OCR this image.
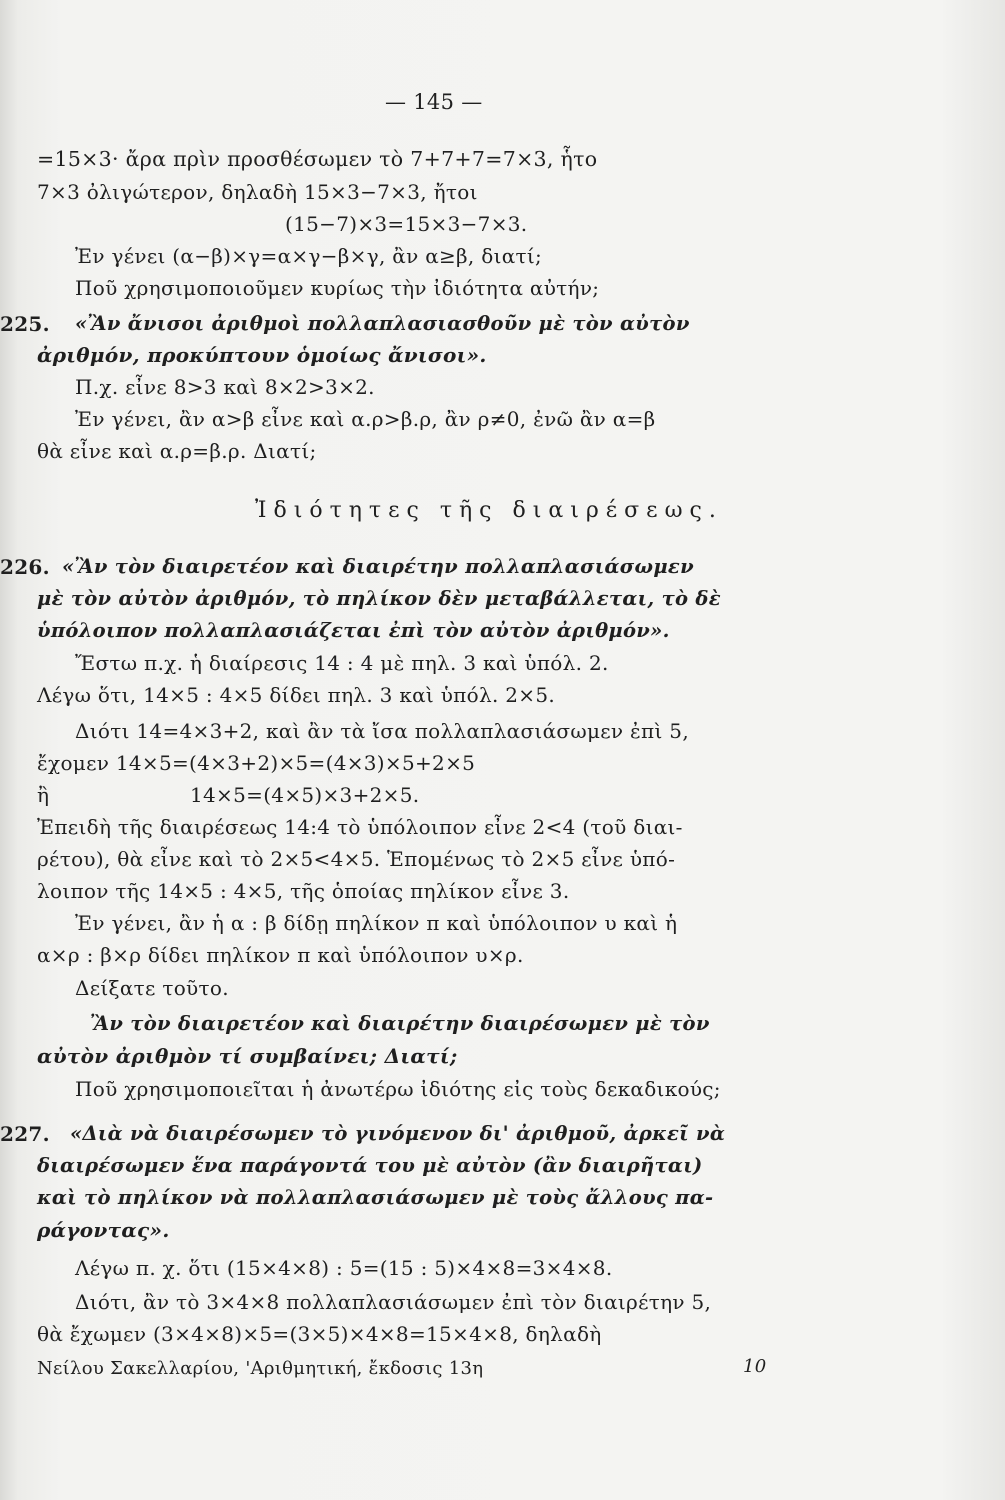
— 145 —
=15×3· ἄρα πρὶν προσθέσωμεν τὸ 7+7+7=7×3, ἧτο
7×3 ὀλιγώτερον, δηλαδὴ 15×3−7×3, ἤτοι
(15−7)×3=15×3−7×3.
Ἐν γένει (α−β)×γ=α×γ−β×γ, ἂν α≥β, διατί;
Ποῦ χρησιμοποιοῦμεν κυρίως τὴν ἰδιότητα αὐτήν;
225. «Ἂν ἄνισοι ἀριθμοὶ πολλαπλασιασθοῦν μὲ τὸν αὐτὸν
ἀριθμόν, προκύπτουν ὁμοίως ἄνισοι».
Π.χ. εἶνε 8>3 καὶ 8×2>3×2.
Ἐν γένει, ἂν α>β εἶνε καὶ α.ρ>β.ρ, ἂν ρ≠0, ἐνῶ ἂν α=β
θὰ εἶνε καὶ α.ρ=β.ρ. Διατί;
Ἰδιότητες τῆς διαιρέσεως.
226. «Ἂν τὸν διαιρετέον καὶ διαιρέτην πολλαπλασιάσωμεν
μὲ τὸν αὐτὸν ἀριθμόν, τὸ πηλίκον δὲν μεταβάλλεται, τὸ δὲ
ὑπόλοιπον πολλαπλασιάζεται ἐπὶ τὸν αὐτὸν ἀριθμόν».
Ἔστω π.χ. ἡ διαίρεσις 14 : 4 μὲ πηλ. 3 καὶ ὑπόλ. 2.
Λέγω ὅτι, 14×5 : 4×5 δίδει πηλ. 3 καὶ ὑπόλ. 2×5.
Διότι 14=4×3+2, καὶ ἂν τὰ ἴσα πολλαπλασιάσωμεν ἐπὶ 5,
ἔχομεν 14×5=(4×3+2)×5=(4×3)×5+2×5
ἢ	14×5=(4×5)×3+2×5.
Ἐπειδὴ τῆς διαιρέσεως 14:4 τὸ ὑπόλοιπον εἶνε 2<4 (τοῦ διαι-
ρέτου), θὰ εἶνε καὶ τὸ 2×5<4×5. Ἑπομένως τὸ 2×5 εἶνε ὑπό-
λοιπον τῆς 14×5 : 4×5, τῆς ὁποίας πηλίκον εἶνε 3.
Ἐν γένει, ἂν ἡ α : β δίδῃ πηλίκον π καὶ ὑπόλοιπον υ καὶ ἡ
α×ρ : β×ρ δίδει πηλίκον π καὶ ὑπόλοιπον υ×ρ.
Δείξατε τοῦτο.
Ἂν τὸν διαιρετέον καὶ διαιρέτην διαιρέσωμεν μὲ τὸν
αὐτὸν ἀριθμὸν τί συμβαίνει; Διατί;
Ποῦ χρησιμοποιεῖται ἡ ἀνωτέρω ἰδιότης εἰς τοὺς δεκαδικούς;
227. «Διὰ νὰ διαιρέσωμεν τὸ γινόμενον δι' ἀριθμοῦ, ἀρκεῖ νὰ
διαιρέσωμεν ἕνα παράγοντά του μὲ αὐτὸν (ἂν διαιρῆται)
καὶ τὸ πηλίκον νὰ πολλαπλασιάσωμεν μὲ τοὺς ἄλλους πα-
ράγοντας».
Λέγω π. χ. ὅτι (15×4×8) : 5=(15 : 5)×4×8=3×4×8.
Διότι, ἂν τὸ 3×4×8 πολλαπλασιάσωμεν ἐπὶ τὸν διαιρέτην 5,
θὰ ἔχωμεν (3×4×8)×5=(3×5)×4×8=15×4×8, δηλαδὴ
Νείλου Σακελλαρίου, 'Αριθμητική, ἔκδοσις 13η	10
